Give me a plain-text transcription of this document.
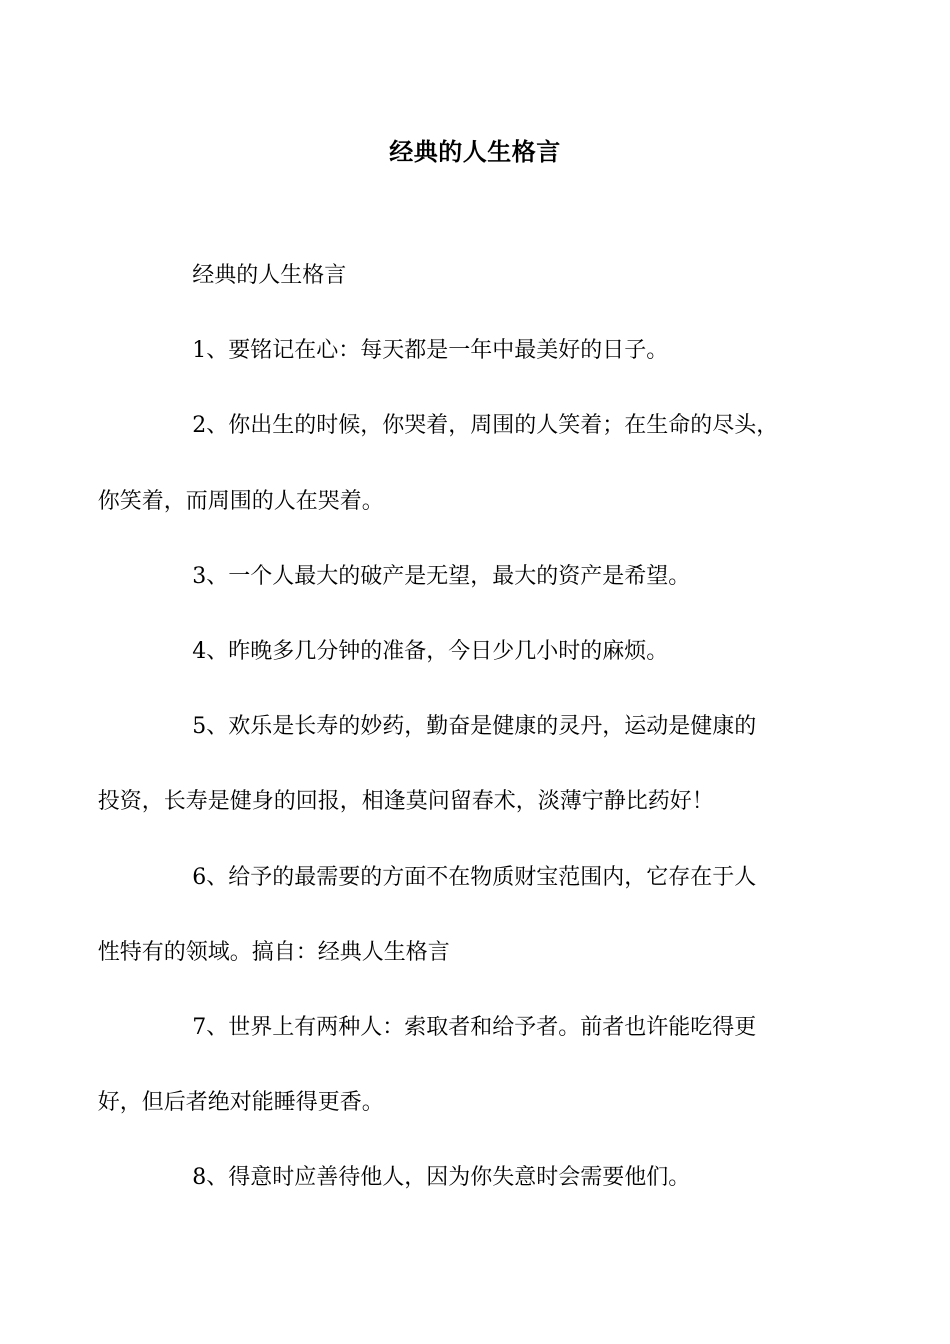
经典的人生格言

经典的人生格言

1、要铭记在心：每天都是一年中最美好的日子。

2、你出生的时候，你哭着，周围的人笑着；在生命的尽头，
你笑着，而周围的人在哭着。

3、一个人最大的破产是无望，最大的资产是希望。

4、昨晚多几分钟的准备，今日少几小时的麻烦。

5、欢乐是长寿的妙药，勤奋是健康的灵丹，运动是健康的
投资，长寿是健身的回报，相逢莫问留春术，淡薄宁静比药好！

6、给予的最需要的方面不在物质财宝范围内，它存在于人
性特有的领域。搞自：经典人生格言

7、世界上有两种人：索取者和给予者。前者也许能吃得更
好，但后者绝对能睡得更香。

8、得意时应善待他人，因为你失意时会需要他们。
